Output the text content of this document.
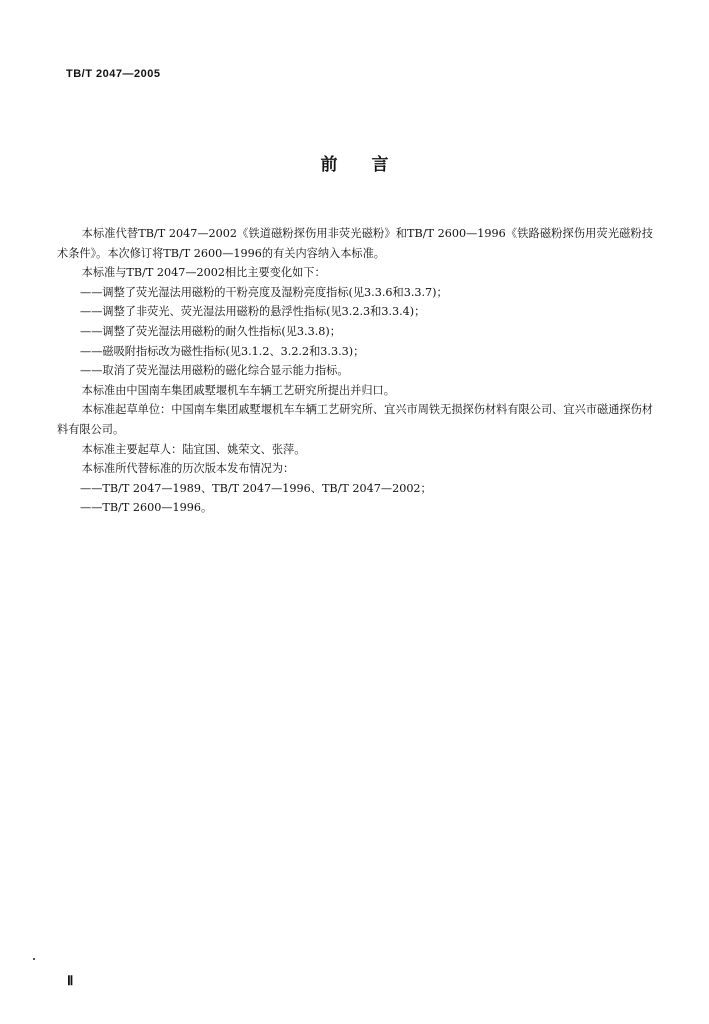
TB/T 2047—2005
前言

本标准代替TB/T 2047—2002《铁道磁粉探伤用非荧光磁粉》和TB/T 2600—1996《铁路磁粉探伤用荧光磁粉技术条件》。本次修订将TB/T 2600—1996的有关内容纳入本标准。

本标准与TB/T 2047—2002相比主要变化如下：

——调整了荧光湿法用磁粉的干粉亮度及湿粉亮度指标(见3.3.6和3.3.7)；

——调整了非荧光、荧光湿法用磁粉的悬浮性指标(见3.2.3和3.3.4)；

——调整了荧光湿法用磁粉的耐久性指标(见3.3.8)；

——磁吸附指标改为磁性指标(见3.1.2、3.2.2和3.3.3)；

——取消了荧光湿法用磁粉的磁化综合显示能力指标。

本标准由中国南车集团戚墅堰机车车辆工艺研究所提出并归口。

本标准起草单位：中国南车集团戚墅堰机车车辆工艺研究所、宜兴市周铁无损探伤材料有限公司、宜兴市磁通探伤材料有限公司。

本标准主要起草人：陆宜国、姚荣文、张萍。

本标准所代替标准的历次版本发布情况为：

——TB/T 2047—1989、TB/T 2047—1996、TB/T 2047—2002；

——TB/T 2600—1996。

Ⅱ
